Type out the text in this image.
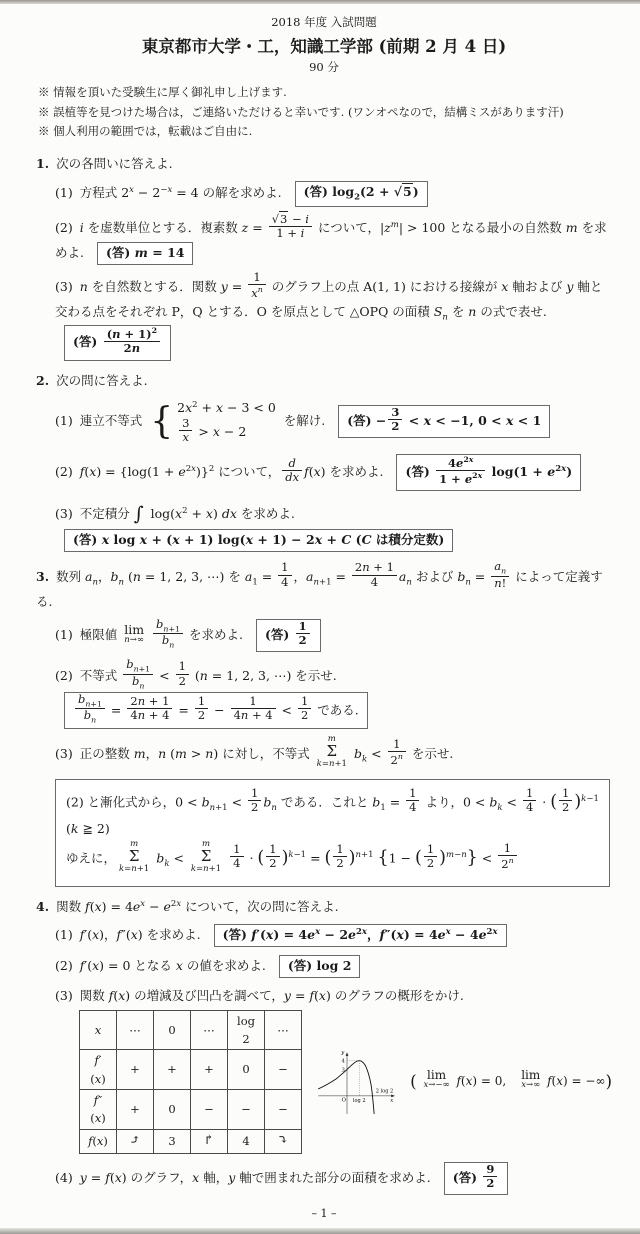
2018 年度 入試問題
東京都市大学・工，知識工学部 (前期 2 月 4 日)
90 分
※ 情報を頂いた受験生に厚く御礼申し上げます.
※ 誤植等を見つけた場合は，ご連絡いただけると幸いです. (ワンオペなので，結構ミスがあります汗)
※ 個人利用の範囲では，転載はご自由に.
1. 次の各問いに答えよ.
(1) 方程式 $2^x - 2^{-x} = 4$ の解を求めよ. (答) $\log_2(2 + √5)$
(2) i を虚数単位とする．複素数 $z = \frac{√3 - i}{1 + i}$ について，$|z^m| > 100$ となる最小の自然数 m を求めよ. (答) m = 14
(3) n を自然数とする．関数 $y = \frac{1}{x^n}$ のグラフ上の点 A(1, 1) における接線が x 軸および y 軸と交わる点をそれぞれ P，Q とする．O を原点として △OPQ の面積 $S_n$ を n の式で表せ. (答) $\frac{(n + 1)^2}{2n}$
2. 次の問に答えよ.
(1) 連立不等式 { $2x^2 + x - 3 < 0$
$\frac{3}{x} > x - 2$
を解け. (答) − $\frac{3}{2} < x < -1$, 0 < x < 1
(2) $f(x) = \{\log(1 + e^{2x})\}^2$ について， $\frac{d}{dx} f(x)$ を求めよ. (答) $\frac{4e^{2x}}{1 + e^{2x}} \log(1 + e^{2x})$
(3) 不定積分 ∫ $\log(x^2 + x)$ dx を求めよ. (答) x log x + (x + 1) log(x + 1) − 2x + C (C は積分定数)
3. 数列 $a_n$，$b_n$ (n = 1, 2, 3, ⋯) を $a_1 = \frac{1}{4}$ ，$a_{n+1} = \frac{2n + 1}{4} a_n$ および $b_n = \frac{a_n}{n!}$ によって定義する.
(1) 極限値 lim
n→∞
$\frac{b_{n+1}}{b_n}$ を求めよ. (答) $\frac{1}{2}$
(2) 不等式 $\frac{b_{n+1}}{b_n} < \frac{1}{2} (n = 1$, 2, 3, ⋯) を示せ.
$\frac{b_{n+1}}{b_n} = \frac{2n + 1}{4n + 4} = \frac{1}{2} - \frac{1}{4n + 4} < \frac{1}{2}$ である.
(3) 正の整数 m，n (m > n) に対し，不等式
m
Σ
k=n+1
$b_k < \frac{1}{2^n}$ を示せ.
(2) と漸化式から，$0 < b_{n+1} < \frac{1}{2} b_n$ である．これと $b_1 = \frac{1}{4}$ より，$0 < b_k < \frac{1}{4}$ · ( $\frac{1}{2} )^{k-1}$ (k ≧ 2)
ゆえに，
m
Σ
k=n+1
$b_k$ <
m
Σ
k=n+1
$\frac{1}{4}$ · ( $\frac{1}{2} )^{k-1}$ = ( $\frac{1}{2} )^{n+1}$ {1 − ( $\frac{1}{2} )^{m-n}\} < \frac{1}{2^n}$
4. 関数 $f(x) = 4e^x - e^{2x}$ について，次の問に答えよ.
(1) f′(x)，f″(x) を求めよ. (答) $f'(x) = 4e^x - 2e^{2x}$，$f''(x) = 4e^x - 4e^{2x}$
(2) f′(x) = 0 となる x の値を求めよ. (答) log 2
(3) 関数 f(x) の増減及び凹凸を調べて，y = f(x) のグラフの概形をかけ.
x	⋯	0	⋯	log 2	⋯
f′(x)	+	+	+	0	−
f″(x)	+	0	−	−	−
f(x)	⤴	3	↱	4	⤵
y
4
3
O log 2
2 log 2
x
( lim
x→−∞ f(x) = 0,  lim
x→∞ f(x) = −∞)
(4) y = f(x) のグラフ，x 軸，y 軸で囲まれた部分の面積を求めよ. (答) $\frac{9}{2}$
– 1 –
